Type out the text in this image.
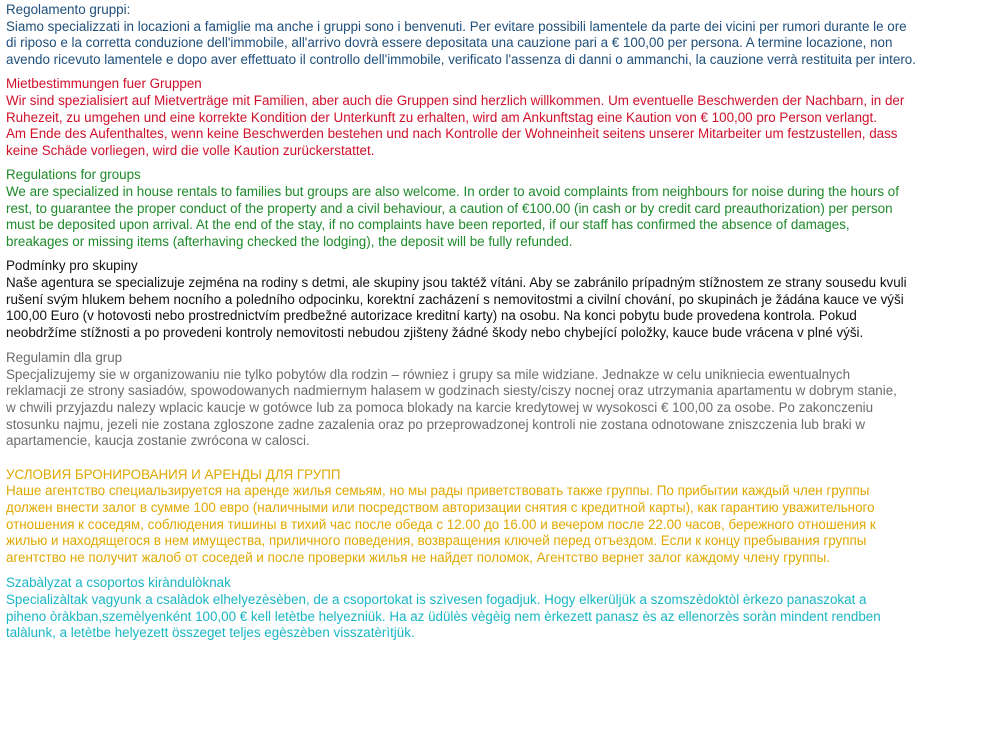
Regolamento gruppi:
Siamo specializzati in locazioni a famiglie ma anche i gruppi sono i benvenuti. Per evitare possibili lamentele da parte dei vicini per rumori durante le ore
di riposo e la corretta conduzione dell'immobile, all'arrivo dovrà essere depositata una cauzione pari a € 100,00 per persona. A termine locazione, non
avendo ricevuto lamentele e dopo aver effettuato il controllo dell'immobile, verificato l'assenza di danni o ammanchi, la cauzione verrà restituita per intero.
Mietbestimmungen fuer Gruppen
Wir sind spezialisiert auf Mietverträge mit Familien, aber auch die Gruppen sind herzlich willkommen. Um eventuelle Beschwerden der Nachbarn, in der
Ruhezeit, zu umgehen und eine korrekte Kondition der Unterkunft zu erhalten, wird am Ankunftstag eine Kaution von € 100,00 pro Person verlangt.
Am Ende des Aufenthaltes, wenn keine Beschwerden bestehen und nach Kontrolle der Wohneinheit seitens unserer Mitarbeiter um festzustellen, dass
keine Schäde vorliegen, wird die volle Kaution zurückerstattet.
Regulations for groups
We are specialized in house rentals to families but groups are also welcome. In order to avoid complaints from neighbours for noise during the hours of
rest, to guarantee the proper conduct of the property and a civil behaviour, a caution of €100.00 (in cash or by credit card preauthorization) per person
must be deposited upon arrival. At the end of the stay, if no complaints have been reported, if our staff has confirmed the absence of damages,
breakages or missing items (afterhaving checked the lodging), the deposit will be fully refunded.
Podmínky pro skupiny
Naše agentura se specializuje zejména na rodiny s detmi, ale skupiny jsou taktéž vítáni. Aby se zabránilo prípadným stížnostem ze strany sousedu kvuli
rušení svým hlukem behem nocního a poledního odpocinku, korektní zacházení s nemovitostmi a civilní chování, po skupinách je žádána kauce ve výši
100,00 Euro (v hotovosti nebo prostrednictvím predbežné autorizace kreditní karty) na osobu. Na konci pobytu bude provedena kontrola. Pokud
neobdržíme stížnosti a po provedeni kontroly nemovitosti nebudou zjišteny žádné škody nebo chybející položky, kauce bude vrácena v plné výši.
Regulamin dla grup
Specjalizujemy sie w organizowaniu nie tylko pobytów dla rodzin – równiez i grupy sa mile widziane. Jednakze w celu unikniecia ewentualnych
reklamacji ze strony sasiadów, spowodowanych nadmiernym halasem w godzinach siesty/ciszy nocnej oraz utrzymania apartamentu w dobrym stanie,
w chwili przyjazdu nalezy wplacic kaucje w gotówce lub za pomoca blokady na karcie kredytowej w wysokosci € 100,00 za osobe. Po zakonczeniu
stosunku najmu, jezeli nie zostana zgloszone zadne zazalenia oraz po przeprowadzonej kontroli nie zostana odnotowane zniszczenia lub braki w
apartamencie, kaucja zostanie zwrócona w calosci.
УСЛОВИЯ БРОНИРОВАНИЯ И АРЕНДЫ ДЛЯ ГРУПП
Наше агентство специальзируется на аренде жилья семьям, но мы рады приветствовать также группы. По прибытии каждый член группы
должен внести залог в сумме 100 евро (наличными или посредством авторизации снятия с кредитной карты), как гарантию уважительного
отношения к соседям, соблюдения тишины в тихий час после обеда с 12.00 до 16.00 и вечером после 22.00 часов, бережного отношения к
жилью и находящегося в нем имущества, приличного поведения, возвращения ключей перед отъездом. Если к концу пребывания группы
агентство не получит жалоб от соседей и после проверки жилья не найдет поломок, Агентство вернет залог каждому члену группы.
Szabàlyzat a csoportos kiràndulòknak
Specializàltak vagyunk a csalàdok elhelyezèsèben, de a csoportokat is szìvesen fogadjuk. Hogy elkerüljük a szomszèdoktòl èrkezo panaszokat a
piheno òràkban,szemèlyenként 100,00 € kell letètbe helyezniük. Ha az üdülès vègèig nem èrkezett panasz ès az ellenorzès soràn mindent rendben
talàlunk, a letètbe helyezett összeget teljes egèszèben visszatèrìtjük.
